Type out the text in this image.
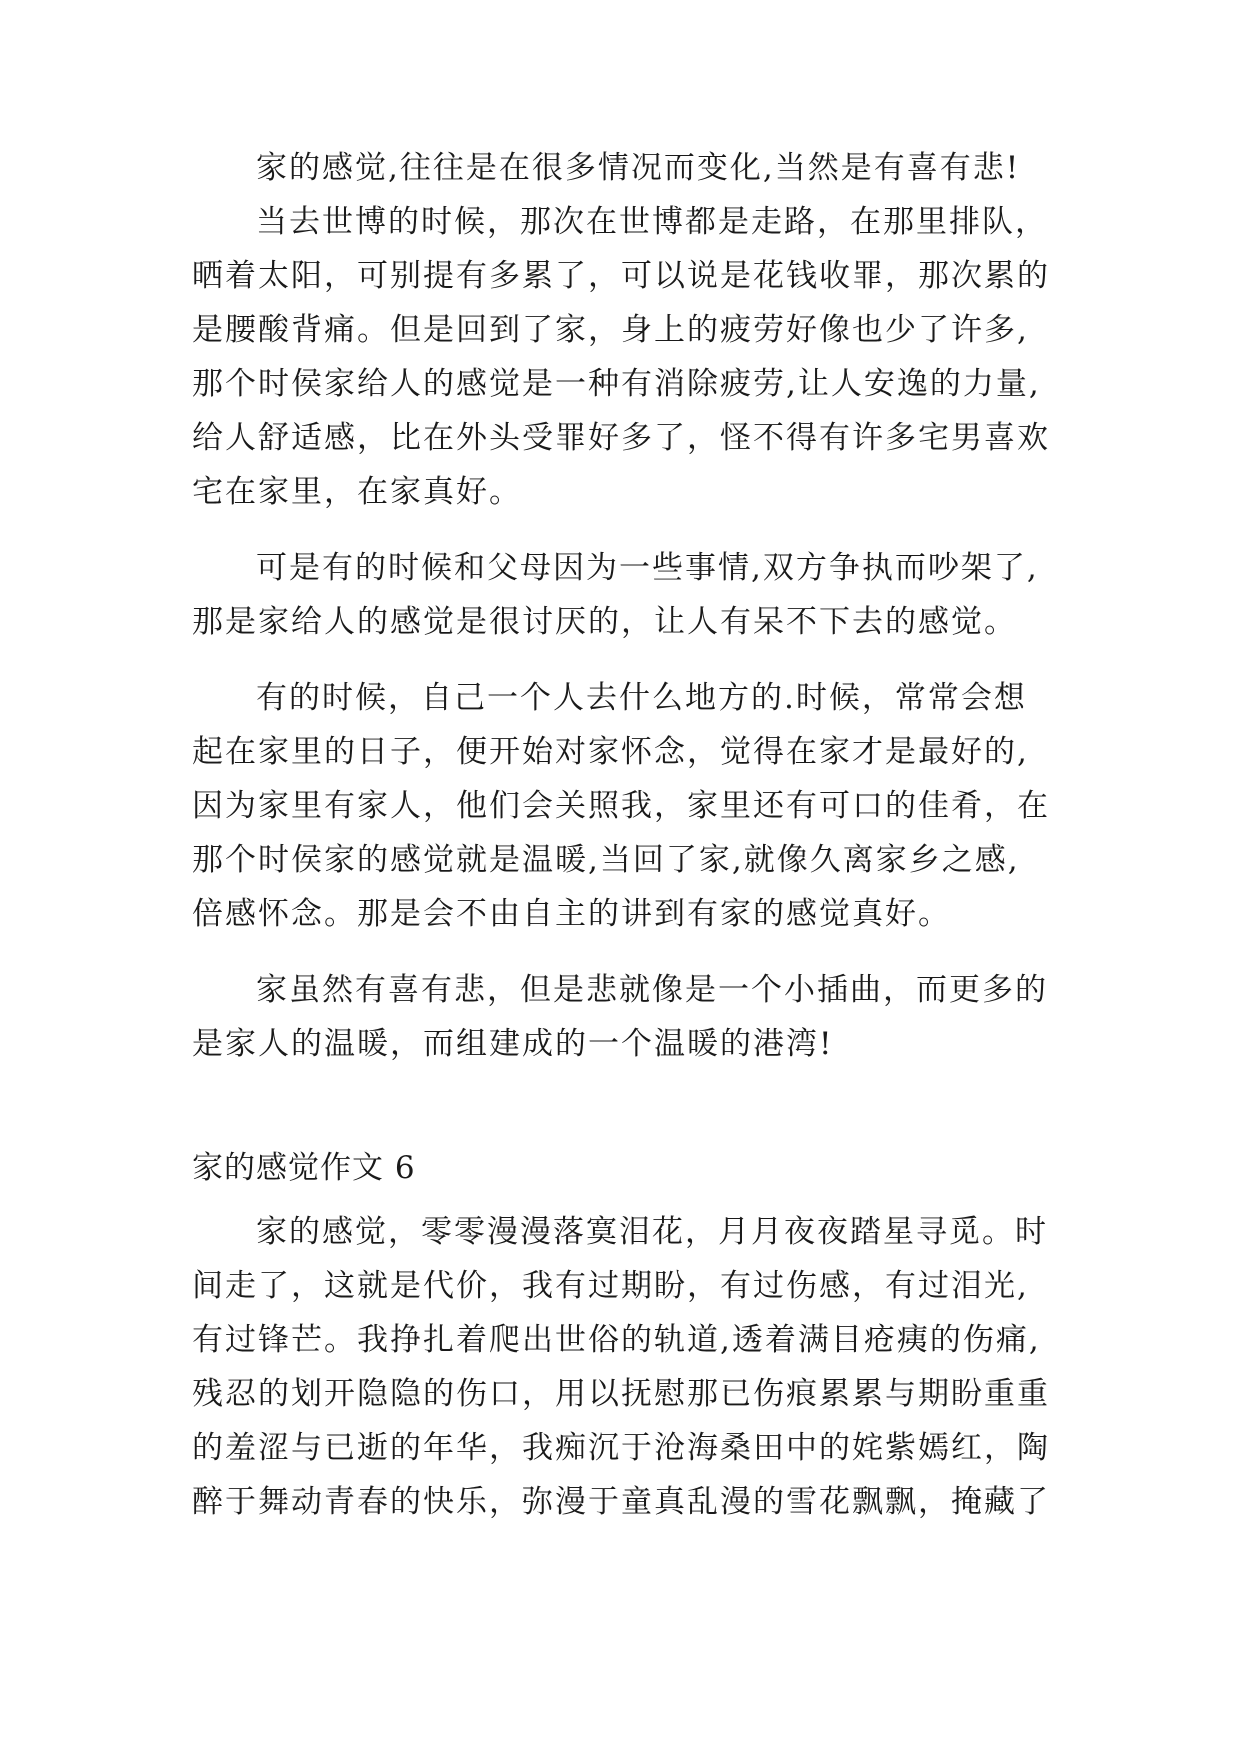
家的感觉,往往是在很多情况而变化,当然是有喜有悲!
当去世博的时候，那次在世博都是走路，在那里排队，
晒着太阳，可别提有多累了，可以说是花钱收罪，那次累的
是腰酸背痛。但是回到了家，身上的疲劳好像也少了许多,
那个时侯家给人的感觉是一种有消除疲劳,让人安逸的力量,
给人舒适感，比在外头受罪好多了，怪不得有许多宅男喜欢
宅在家里，在家真好。
可是有的时候和父母因为一些事情,双方争执而吵架了,
那是家给人的感觉是很讨厌的，让人有呆不下去的感觉。
有的时候，自己一个人去什么地方的.时候，常常会想
起在家里的日子，便开始对家怀念，觉得在家才是最好的,
因为家里有家人，他们会关照我，家里还有可口的佳肴，在
那个时侯家的感觉就是温暖,当回了家,就像久离家乡之感,
倍感怀念。那是会不由自主的讲到有家的感觉真好。
家虽然有喜有悲，但是悲就像是一个小插曲，而更多的
是家人的温暖，而组建成的一个温暖的港湾!
家的感觉作文 6
家的感觉，零零漫漫落寞泪花，月月夜夜踏星寻觅。时
间走了，这就是代价，我有过期盼，有过伤感，有过泪光,
有过锋芒。我挣扎着爬出世俗的轨道,透着满目疮痍的伤痛,
残忍的划开隐隐的伤口，用以抚慰那已伤痕累累与期盼重重
的羞涩与已逝的年华，我痴沉于沧海桑田中的姹紫嫣红，陶
醉于舞动青春的快乐，弥漫于童真乱漫的雪花飘飘，掩藏了
